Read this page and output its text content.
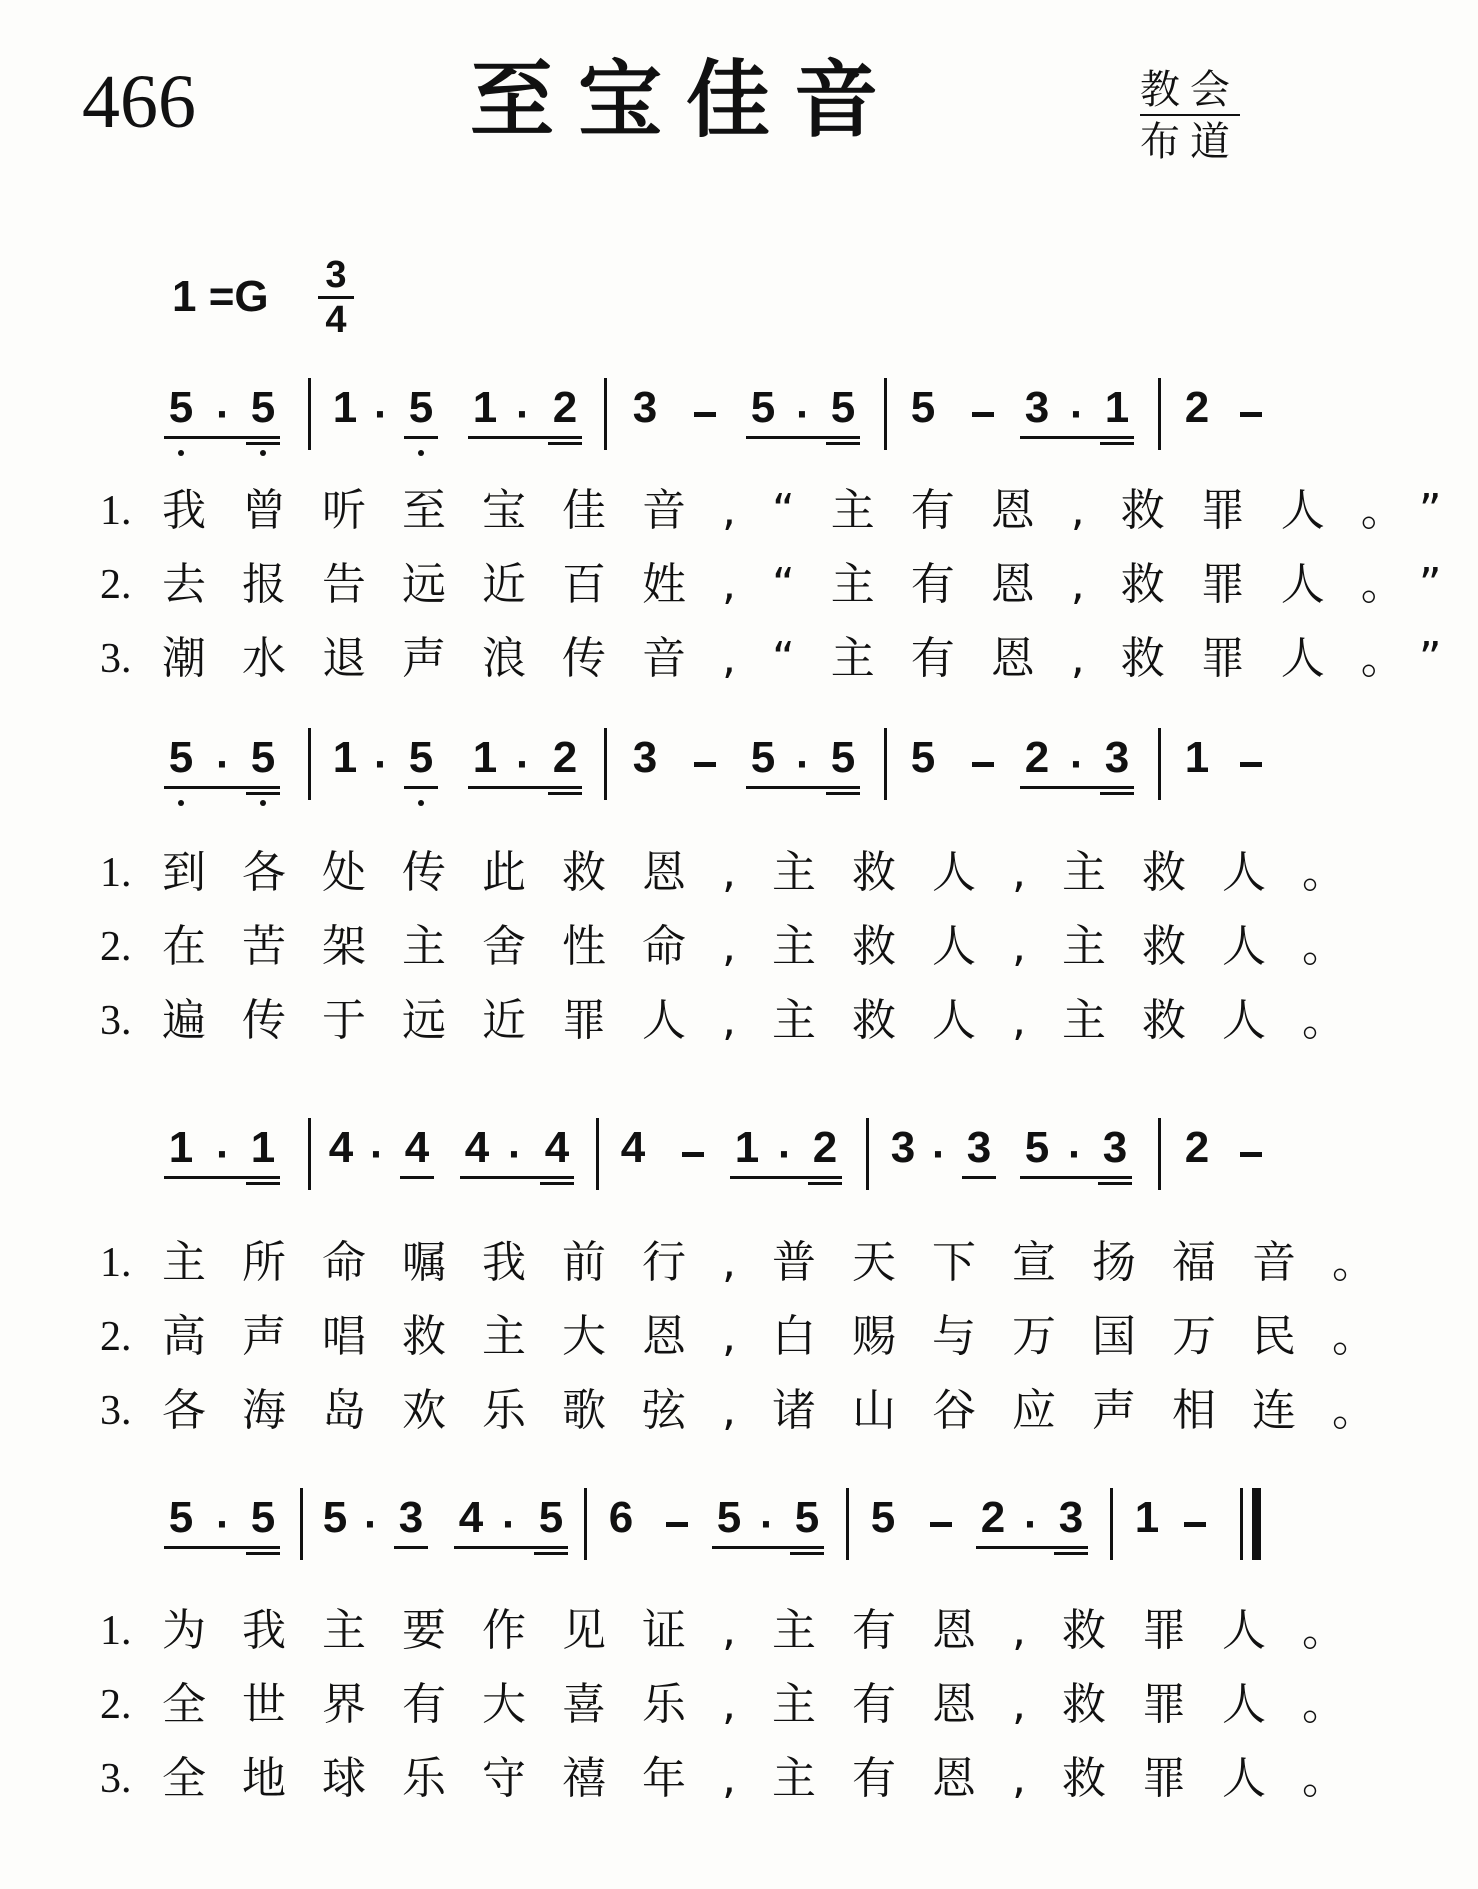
466	至宝佳音	教会
布道
$1 =G \frac{3}{4}$
5 · 5 1 · 5 1 · 2 3 5 · 5 5 3 · 1 2
1. 我曾听至宝佳音,“主有恩,救罪人。”
2. 去报告远近百姓,“主有恩,救罪人。”
3. 潮水退声浪传音,“主有恩,救罪人。”
5 · 5 1 · 5 1 · 2 3 5 · 5 5 2 · 3 1
1. 到各处传此救恩,主救人,主救人。
2. 在苦架主舍性命,主救人,主救人。
3. 遍传于远近罪人,主救人,主救人。
1 · 1 4 · 4 4 · 4 4 1 · 2 3 · 3 5 · 3 2
1. 主所命嘱我前行,普天下宣扬福音。
2. 高声唱救主大恩,白赐与万国万民。
3. 各海岛欢乐歌弦,诸山谷应声相连。
5 · 5 5 · 3 4 · 5 6 5 · 5 5 2 · 3 1
1. 为我主要作见证,主有恩,救罪人。
2. 全世界有大喜乐,主有恩,救罪人。
3. 全地球乐守禧年,主有恩,救罪人。
